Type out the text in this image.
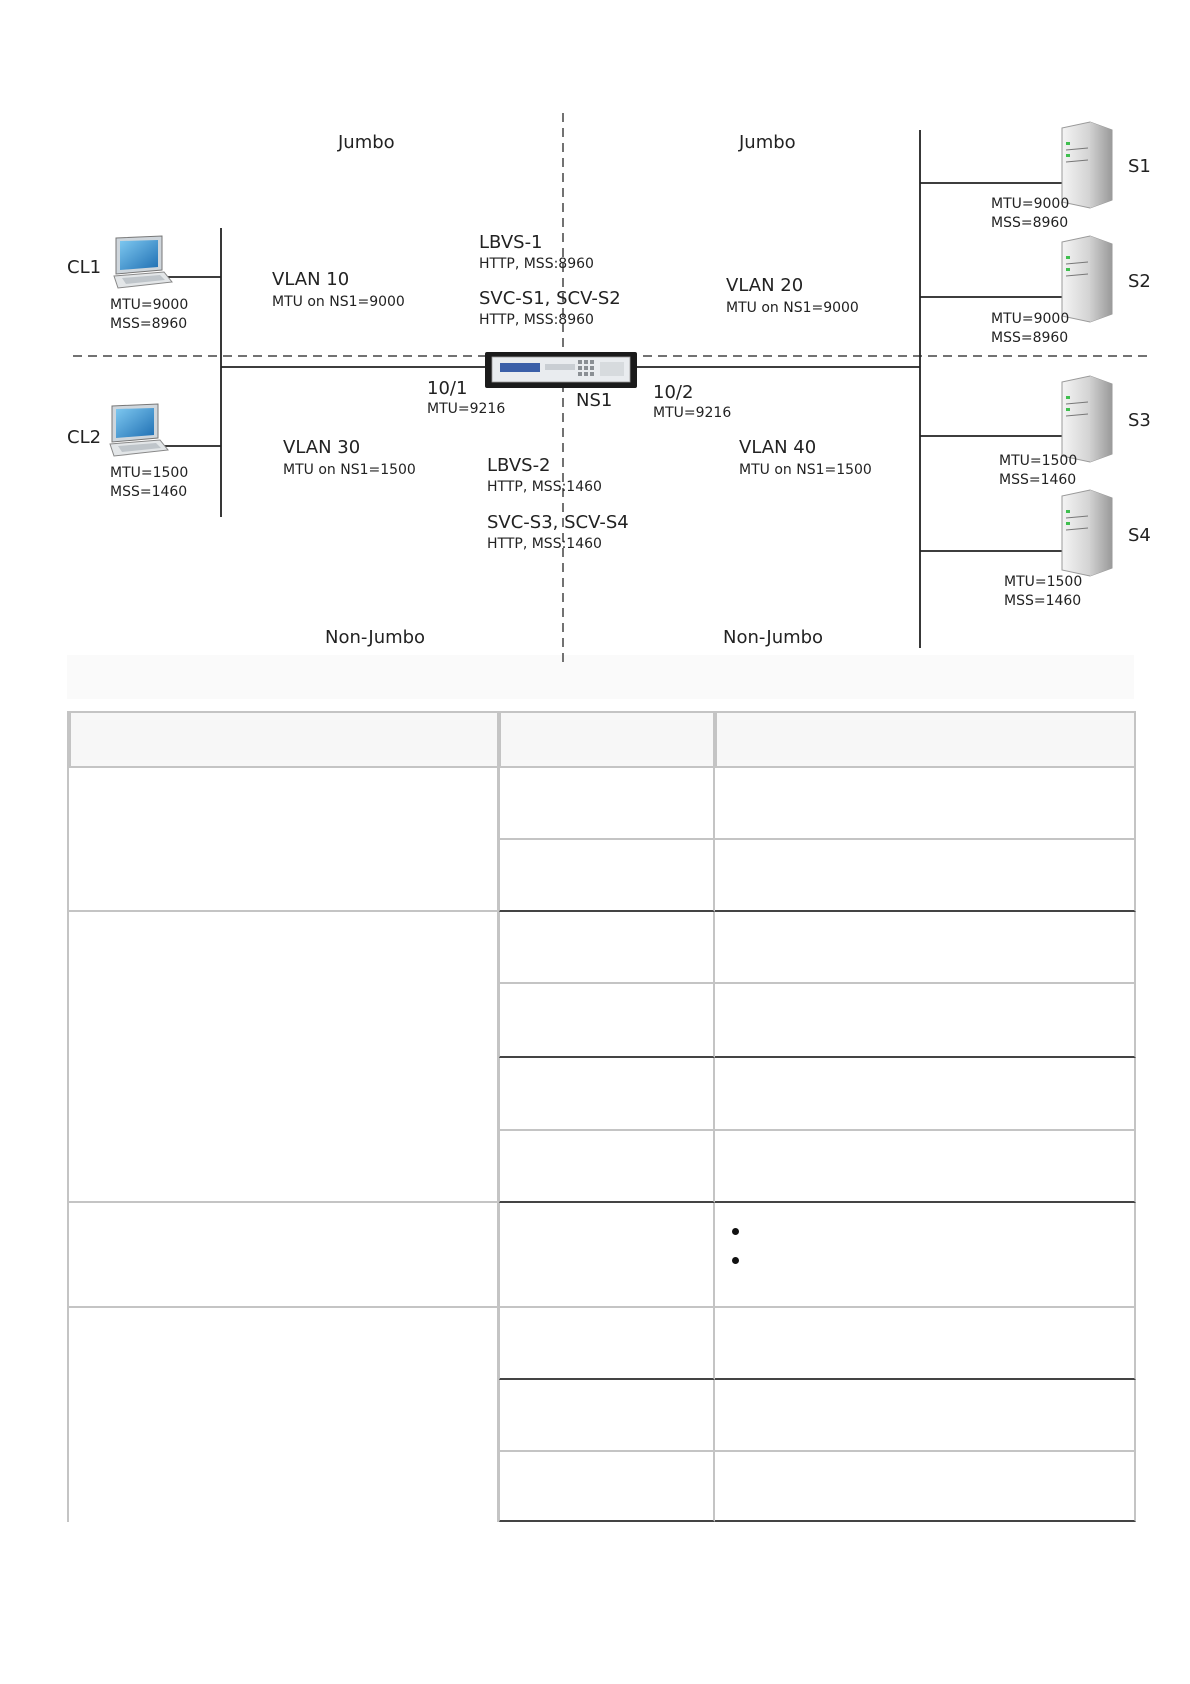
Jumbo	Jumbo
Non-Jumbo	Non-Jumbo
CL1
MTU=9000
MSS=8960
CL2
MTU=1500
MSS=1460
VLAN 10
MTU on NS1=9000
VLAN 20
MTU on NS1=9000
VLAN 30
MTU on NS1=1500
VLAN 40
MTU on NS1=1500
LBVS-1
HTTP, MSS:8960
SVC-S1, SCV-S2
HTTP, MSS:8960
LBVS-2
HTTP, MSS:1460
SVC-S3, SCV-S4
HTTP, MSS:1460
NS1
10/1
MTU=9216
10/2
MTU=9216
S1
MTU=9000
MSS=8960
S2
MTU=9000
MSS=8960
S3
MTU=1500
MSS=1460
S4
MTU=1500
MSS=1460
